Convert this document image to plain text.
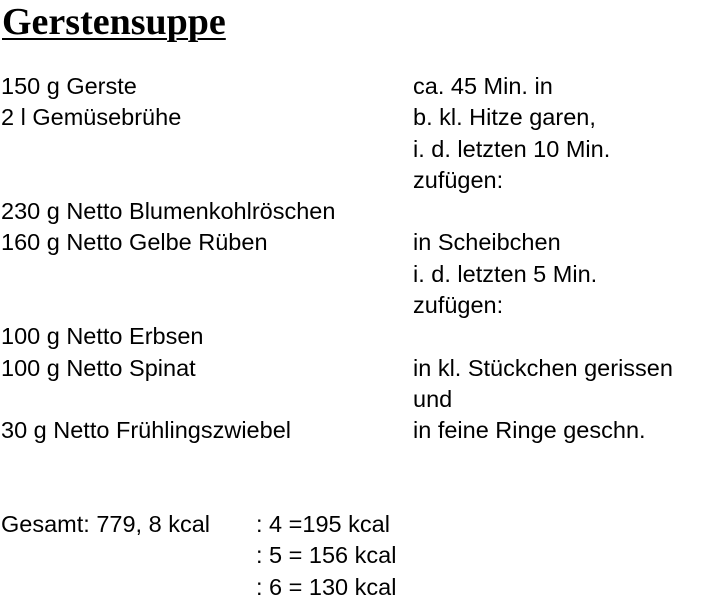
Gerstensuppe
150 g Gerste	ca. 45 Min. in
2 l Gemüsebrühe	b. kl. Hitze garen,
i. d. letzten 10 Min.
zufügen:
230 g Netto Blumenkohlröschen
160 g Netto Gelbe Rüben	in Scheibchen
i. d. letzten 5 Min.
zufügen:
100 g Netto Erbsen
100 g Netto Spinat	in kl. Stückchen gerissen
und
30 g Netto Frühlingszwiebel	in feine Ringe geschn.
Gesamt: 779, 8 kcal : 4 =195 kcal
: 5 = 156 kcal
: 6 = 130 kcal
